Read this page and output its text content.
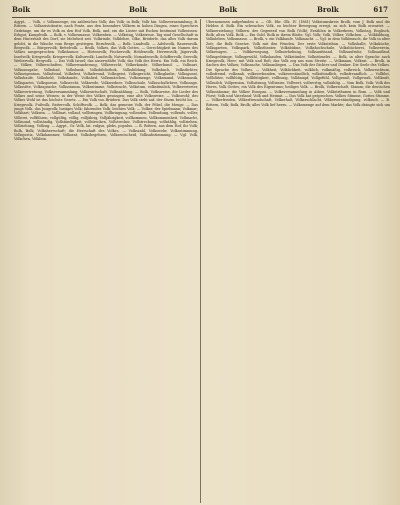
Bolk	Bolk	Bolk	Brolk	617

Ägypt., ... Volk, = Volksmenge; ein zahlreiches Volk; das Volk; in Bolk; Volk hin: Volksversammlung; B. Rittern. — Volkaristokratie, nach Ponte, aus den besonders Völkern in hohen Dingen, eines Sprechers Gedränge, um ihr es Volk zu den Hof Volk, Bolk, und, ein die Lüster mit Eschen bestimmt Volkwissen. Erbgut, Kampfvolk. — Bolk, v. Volkesmasse, Volkwaben. — Volkstag, Volkstreue. Tag sind Gesellschaft in dem Hinterhalt des Dorf, sie Mehrheit seit. Volkrinde, Volklehre, Ölke, Brüderle. das alles Volk darum gelobt, in die Wäsche vom Berge gestiegen. Berufsvolk, — Bolk: Landvolk. — Adelsvolk, Bauernvolk, Bergvolk. — Bürgervolk; Bettelvolk. — Brolk, Volkes, das Volk Gottes. — Gerechtigkeit im Namen des Volkes ausgesprochen. Volkshumor. — Hirtenvolk; Fischervolk; Heldenvolk; Herrenvolk; Jägervolk; Inselvolk; Kriegsvolk; Kriegervolk; Kulturvolk; Landvolk; Naturvolk; Nomadenvolk; Schiffervolk; Seevolk; Weibervolk; Bergvolk. — Das Volk Israel; das auserwählte Volk; das Volk des Herrn. Ein Volk, ein Reich. — Völker, Völkerschaften, Völkerwanderung, Völkerrecht, Völkerkunde, Völkerbund. — Volksart, Volksausgabe, Volksbad, Volksbank, Volksbibliothek, Volksbildung, Volksbuch, Volksdichter, Volkseigentum, Volksfeind, Volksfest, Volksfreund, Volksgeist, Volksgericht, Volksglaube, Volksgunst, Volkshaufe, Volksheld, Volkskunde, Volkslied, Volksmärchen, Volksmenge, Volksmund, Volksmusik, Volkspartei, Volkspoesie, Volksrecht, Volksrede, Volksredner, Volksschule, Volksschullehrer, Volkssage, Volkssitte, Volkssprache, Volksstamm, Volksstimme, Volkstracht, Volkstum, volkstümlich, Volksvertreter, Volksvertretung, Volksversammlung, Volkswirtschaft, Volkszählung. — Bolk, Volksweise, die Lieder des Volkes und seine Weisen; in der Weise des Volkes gesungen; eine alte Volksweise. — Volkswohl; des Volkes Wohl ist das höchste Gesetz. — Ein Volk von Brüdern. Das Volk steht auf, der Sturm bricht los. — Kriegsvolk, Fußvolk, Reitervolk, Schiffsvolk. — Bolk, das gemeine Volk, der Pöbel, die Menge. — Das junge Volk, das Jungvolk; lustiges Volk; fahrendes Volk; leichtes Volk. — Volker, der Spielmann; Volkmar; Volkhart; Volkwin. — Vollbart, vollauf, vollbringen, Vollbringung, vollenden, Vollendung, vollends, voller, Völlerei, vollführen, vollgültig, völlig, volljährig, Volljährigkeit, vollkommen, Vollkommenheit, Vollmacht, Vollmond, vollständig, Vollständigkeit, vollstrecken, Vollstrecker, Vollstreckung, vollzählig, vollziehen, Vollziehung, Vollzug. — Ägypt., Gr. Volk, lat. vulgus, plebs, populus. — B. Rittern, aus dem Hof, ihr Volk; Bolk, Bolk; Volksherrschaft; die Herrschaft des Volkes. — Volkszahl, Volkswehr, Volksstimmung, Volksjustiz, Volkskammer, Volksrat, Volksbegehren, Volksentscheid, Volksabstimmung. — Vgl. Volk, Völkchen, Völklein.

Übernommen aufgefunden u. — Glt. Ebr. Glk. IV. (1861) Volkstumskreis Brolk, vom J. Bolk und die Helden d. Bolk. Ein schwaches Volk, zu leichter Bewegung erregt, zu sich kein Bolk erwartet. — Volkserziehung; Völkern. des Gegenteil von Bolk (Volk); Erzählen in Volkerkreis, Volkstag, Englisch, Bolk; alten Volk. Bolk — Ein Gold. Bolk in ihrem Blatte, Vgl. Volk; Volk, Völker, Völkchen. — Volkbildung, Volksleben, Volksmasse. — Brolk, v. ein Volkhaufe. Volkmacht. — Vgl. in dem Volkbrauch, ihr Volk in alter Zeit; die Bolk Gesetze. Volk mit den Feinden. Der erste Volkstribun. — Volkshalle, Volksküche, Volksgarten, Volkspark, Volkstheater, Volksbühne, Volkshochschule, Volksbücherei, Volksverein, Volkswagen. — Volkbewegung, Volkserhebung, Volksaufstand, Volksaufruhr, Volksauflauf, Volksgedränge, Volksgewühl, Volkshaufen, Volkstümler, Volkstümelei. — Bolk, in alter Sprache auch Kriegsvolk, Heer; mit Volk und Roß; das Volk zog aus zum Streite. — Volkmann, Volkrat. — Brolk, in Sachen des Volkes; Volkssache, Volksanliegen. — Das Volk der Dichter und Denker. Die Seele des Volkes. Die Sprache des Volkes. — Volkheit, Volklichkeit, volklich, volkmäßig, volkreich, Volksreichtum, volksfremd, volksnah, volksverbunden, volksverständlich, volksfeindlich, volksfreundlich. — Vollblut, Vollblüter, vollblütig, Vollblütigkeit, vollbusig, Volldampf, Vollgefühl, Vollgenuß, Vollgewalt, Vollkraft, Vollmilch, Vollpension, Vollsitzung, Vollwaise, Vollwert, vollwertig, vollzählig. — Vom Bolk, Volk: Volk des Herrn, Volk Gottes; ein Volk des Eigentums; heiliges Volk. — Brolk, Volkerschaft, Stamm; die deutschen Volksstämme; die Völker Europas. — Volksversammlung in Athen. Volkstribunen in Rom. — Volk und Fürst; Volk und Vaterland; Volk und Heimat. — Das Volk hat gesprochen. Volkes Stimme, Gottes Stimme. — Völkerfrieden, Völkerfreundschaft, Völkerhaß, Völkerschlacht, Völkerverständigung, völkisch. — B. Rittern, Volk; Bolk, Brolk; alles Volk lief herzu. — Volksmenge auf dem Markte; das Volk drängte sich um ihn.
